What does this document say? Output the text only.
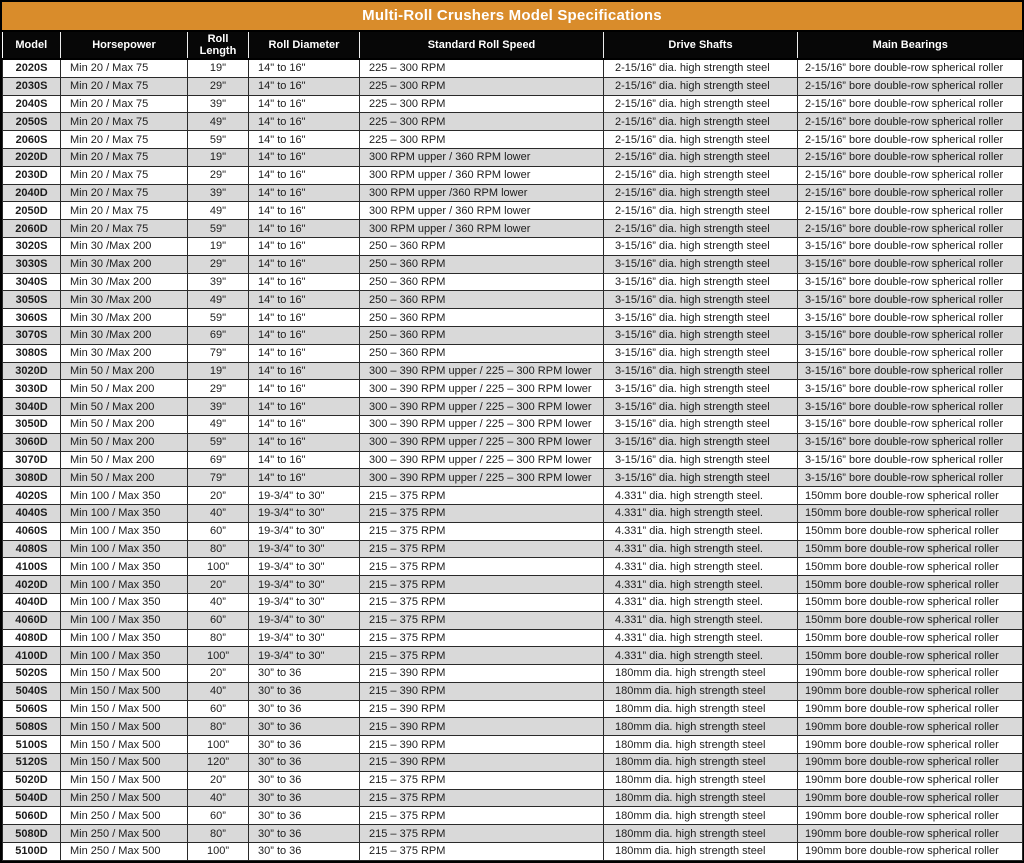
Multi-Roll Crushers Model Specifications
Model	Horsepower	Roll Length	Roll Diameter	Standard Roll Speed	Drive Shafts	Main Bearings
2020S	Min 20 / Max 75	19"	14" to 16"	225 – 300 RPM	2-15/16” dia. high strength steel	2-15/16” bore double-row spherical roller
2030S	Min 20 / Max 75	29"	14" to 16"	225 – 300 RPM	2-15/16” dia. high strength steel	2-15/16” bore double-row spherical roller
2040S	Min 20 / Max 75	39"	14" to 16"	225 – 300 RPM	2-15/16” dia. high strength steel	2-15/16” bore double-row spherical roller
2050S	Min 20 / Max 75	49"	14" to 16"	225 – 300 RPM	2-15/16” dia. high strength steel	2-15/16” bore double-row spherical roller
2060S	Min 20 / Max 75	59"	14" to 16"	225 – 300 RPM	2-15/16” dia. high strength steel	2-15/16” bore double-row spherical roller
2020D	Min 20 / Max 75	19"	14" to 16"	300 RPM upper / 360 RPM lower	2-15/16” dia. high strength steel	2-15/16” bore double-row spherical roller
2030D	Min 20 / Max 75	29"	14" to 16"	300 RPM upper / 360 RPM lower	2-15/16” dia. high strength steel	2-15/16” bore double-row spherical roller
2040D	Min 20 / Max 75	39"	14" to 16"	300 RPM upper /360 RPM lower	2-15/16” dia. high strength steel	2-15/16” bore double-row spherical roller
2050D	Min 20 / Max 75	49"	14" to 16"	300 RPM upper / 360 RPM lower	2-15/16” dia. high strength steel	2-15/16” bore double-row spherical roller
2060D	Min 20 / Max 75	59"	14" to 16"	300 RPM upper / 360 RPM lower	2-15/16” dia. high strength steel	2-15/16” bore double-row spherical roller
3020S	Min 30 /Max 200	19"	14" to 16"	250 – 360 RPM	3-15/16” dia. high strength steel	3-15/16” bore double-row spherical roller
3030S	Min 30 /Max 200	29"	14" to 16"	250 – 360 RPM	3-15/16” dia. high strength steel	3-15/16” bore double-row spherical roller
3040S	Min 30 /Max 200	39"	14" to 16"	250 – 360 RPM	3-15/16” dia. high strength steel	3-15/16” bore double-row spherical roller
3050S	Min 30 /Max 200	49"	14" to 16"	250 – 360 RPM	3-15/16” dia. high strength steel	3-15/16” bore double-row spherical roller
3060S	Min 30 /Max 200	59"	14" to 16"	250 – 360 RPM	3-15/16” dia. high strength steel	3-15/16” bore double-row spherical roller
3070S	Min 30 /Max 200	69"	14" to 16"	250 – 360 RPM	3-15/16” dia. high strength steel	3-15/16” bore double-row spherical roller
3080S	Min 30 /Max 200	79"	14" to 16"	250 – 360 RPM	3-15/16” dia. high strength steel	3-15/16” bore double-row spherical roller
3020D	Min 50 / Max 200	19"	14" to 16"	300 – 390 RPM upper / 225 – 300 RPM lower	3-15/16” dia. high strength steel	3-15/16” bore double-row spherical roller
3030D	Min 50 / Max 200	29"	14" to 16"	300 – 390 RPM upper / 225 – 300 RPM lower	3-15/16” dia. high strength steel	3-15/16” bore double-row spherical roller
3040D	Min 50 / Max 200	39"	14" to 16"	300 – 390 RPM upper / 225 – 300 RPM lower	3-15/16” dia. high strength steel	3-15/16” bore double-row spherical roller
3050D	Min 50 / Max 200	49"	14" to 16"	300 – 390 RPM upper / 225 – 300 RPM lower	3-15/16” dia. high strength steel	3-15/16” bore double-row spherical roller
3060D	Min 50 / Max 200	59"	14" to 16"	300 – 390 RPM upper / 225 – 300 RPM lower	3-15/16” dia. high strength steel	3-15/16” bore double-row spherical roller
3070D	Min 50 / Max 200	69"	14" to 16"	300 – 390 RPM upper / 225 – 300 RPM lower	3-15/16” dia. high strength steel	3-15/16” bore double-row spherical roller
3080D	Min 50 / Max 200	79"	14" to 16"	300 – 390 RPM upper / 225 – 300 RPM lower	3-15/16” dia. high strength steel	3-15/16” bore double-row spherical roller
4020S	Min 100 / Max 350	20”	19-3/4" to 30"	215 – 375 RPM	4.331” dia. high strength steel.	150mm bore double-row spherical roller
4040S	Min 100 / Max 350	40”	19-3/4" to 30"	215 – 375 RPM	4.331” dia. high strength steel.	150mm bore double-row spherical roller
4060S	Min 100 / Max 350	60”	19-3/4" to 30"	215 – 375 RPM	4.331” dia. high strength steel.	150mm bore double-row spherical roller
4080S	Min 100 / Max 350	80”	19-3/4" to 30"	215 – 375 RPM	4.331” dia. high strength steel.	150mm bore double-row spherical roller
4100S	Min 100 / Max 350	100”	19-3/4" to 30"	215 – 375 RPM	4.331” dia. high strength steel.	150mm bore double-row spherical roller
4020D	Min 100 / Max 350	20”	19-3/4" to 30"	215 – 375 RPM	4.331” dia. high strength steel.	150mm bore double-row spherical roller
4040D	Min 100 / Max 350	40”	19-3/4" to 30"	215 – 375 RPM	4.331” dia. high strength steel.	150mm bore double-row spherical roller
4060D	Min 100 / Max 350	60”	19-3/4" to 30"	215 – 375 RPM	4.331” dia. high strength steel.	150mm bore double-row spherical roller
4080D	Min 100 / Max 350	80”	19-3/4" to 30"	215 – 375 RPM	4.331” dia. high strength steel.	150mm bore double-row spherical roller
4100D	Min 100 / Max 350	100”	19-3/4" to 30"	215 – 375 RPM	4.331” dia. high strength steel.	150mm bore double-row spherical roller
5020S	Min 150 / Max 500	20”	30” to 36	215 – 390 RPM	180mm dia. high strength steel	190mm bore double-row spherical roller
5040S	Min 150 / Max 500	40”	30” to 36	215 – 390 RPM	180mm dia. high strength steel	190mm bore double-row spherical roller
5060S	Min 150 / Max 500	60”	30” to 36	215 – 390 RPM	180mm dia. high strength steel	190mm bore double-row spherical roller
5080S	Min 150 / Max 500	80”	30” to 36	215 – 390 RPM	180mm dia. high strength steel	190mm bore double-row spherical roller
5100S	Min 150 / Max 500	100”	30” to 36	215 – 390 RPM	180mm dia. high strength steel	190mm bore double-row spherical roller
5120S	Min 150 / Max 500	120”	30” to 36	215 – 390 RPM	180mm dia. high strength steel	190mm bore double-row spherical roller
5020D	Min 150 / Max 500	20”	30” to 36	215 – 375 RPM	180mm dia. high strength steel	190mm bore double-row spherical roller
5040D	Min 250 / Max 500	40”	30” to 36	215 – 375 RPM	180mm dia. high strength steel	190mm bore double-row spherical roller
5060D	Min 250 / Max 500	60”	30” to 36	215 – 375 RPM	180mm dia. high strength steel	190mm bore double-row spherical roller
5080D	Min 250 / Max 500	80”	30” to 36	215 – 375 RPM	180mm dia. high strength steel	190mm bore double-row spherical roller
5100D	Min 250 / Max 500	100”	30” to 36	215 – 375 RPM	180mm dia. high strength steel	190mm bore double-row spherical roller
